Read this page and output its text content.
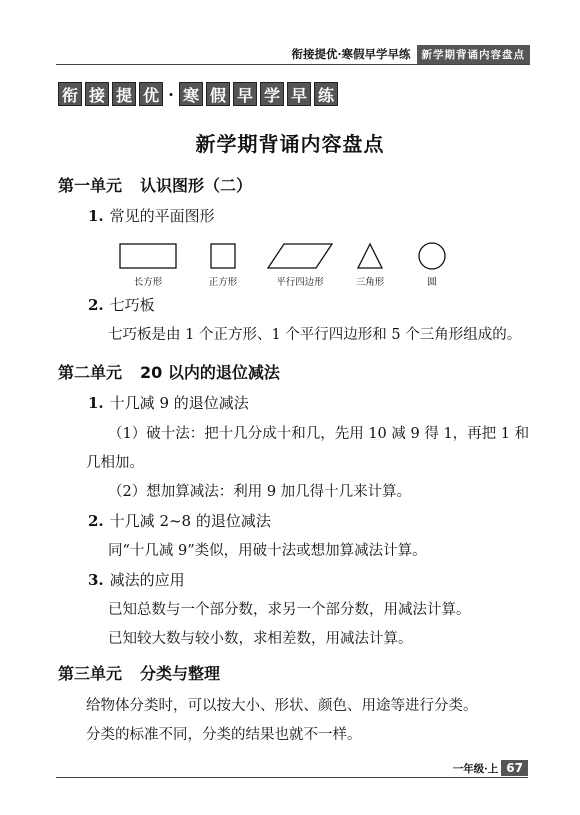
衔接提优·寒假早学早练	新学期背诵内容盘点
衔 接 提 优 · 寒 假 早 学 早 练
新学期背诵内容盘点
第一单元 认识图形（二）
1. 常见的平面图形
长方形	正方形	平行四边形	三角形	圆
2. 七巧板
七巧板是由 1 个正方形、1 个平行四边形和 5 个三角形组成的。
第二单元 20 以内的退位减法
1. 十几减 9 的退位减法
（1）破十法：把十几分成十和几，先用 10 减 9 得 1，再把 1 和
几相加。
（2）想加算减法：利用 9 加几得十几来计算。
2. 十几减 2~8 的退位减法
同“十几减 9”类似，用破十法或想加算减法计算。
3. 减法的应用
已知总数与一个部分数，求另一个部分数，用减法计算。
已知较大数与较小数，求相差数，用减法计算。
第三单元 分类与整理
给物体分类时，可以按大小、形状、颜色、用途等进行分类。
分类的标准不同，分类的结果也就不一样。
一年级·上 67
